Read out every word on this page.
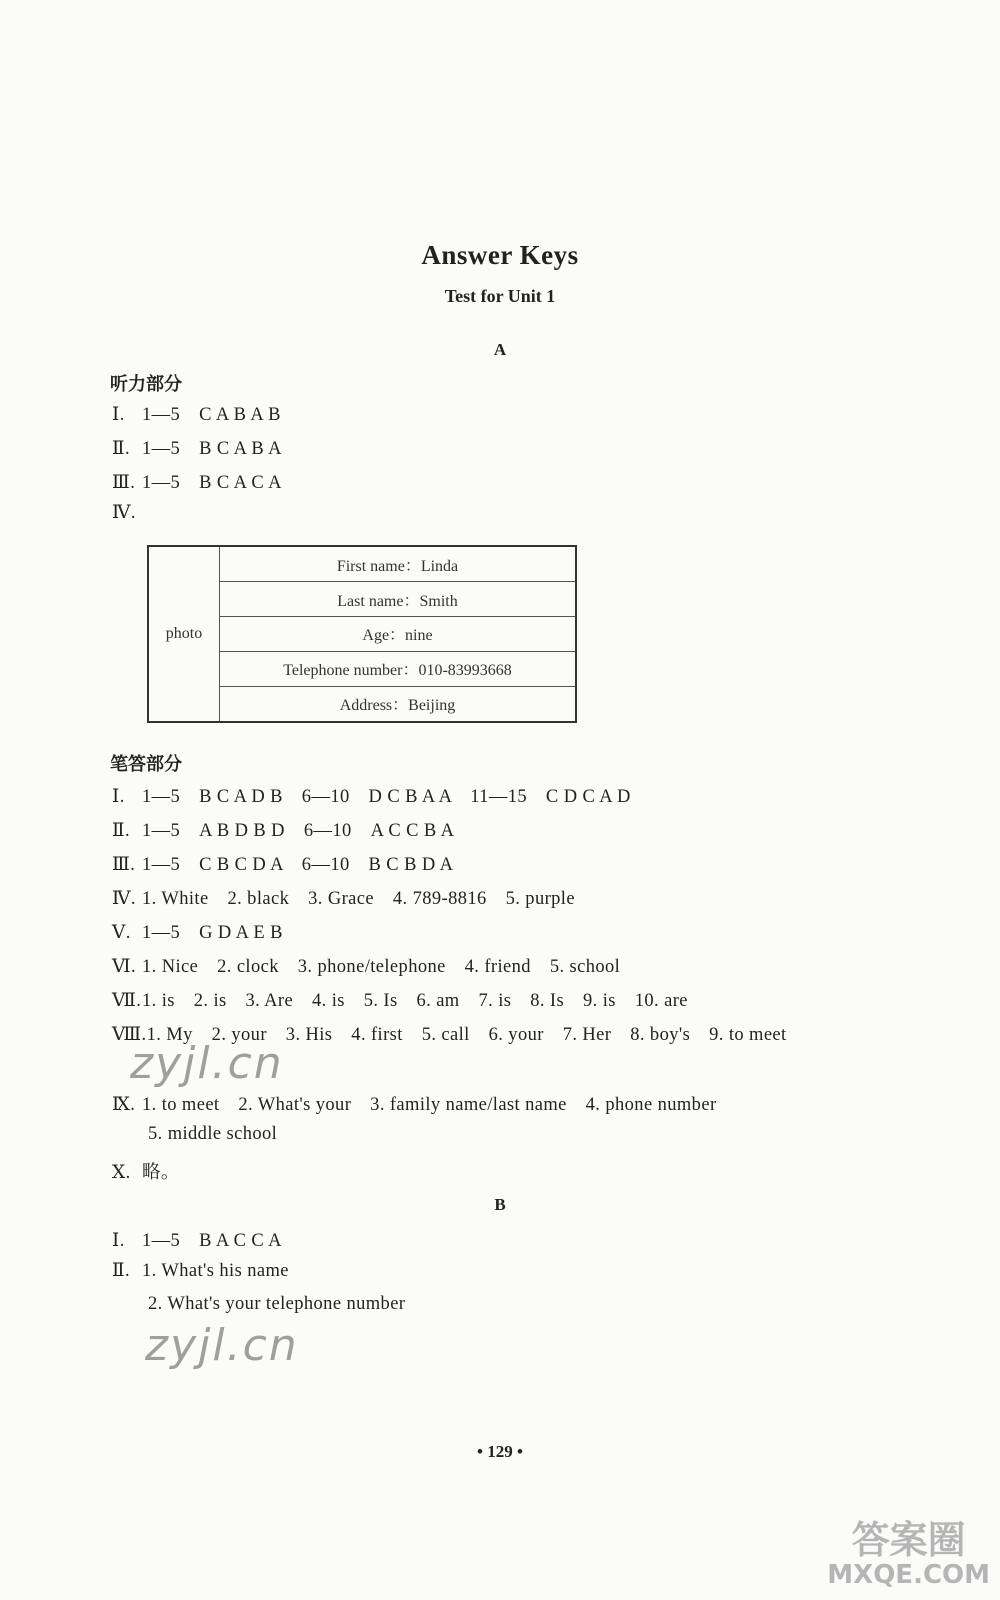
Answer Keys
Test for Unit 1
A
听力部分
Ⅰ. 1—5　C A B A B
Ⅱ. 1—5　B C A B A
Ⅲ. 1—5　B C A C A
Ⅳ.
photo	First name：Linda
Last name：Smith
Age：nine
Telephone number：010-83993668
Address：Beijing
笔答部分
Ⅰ. 1—5　B C A D B　6—10　D C B A A　11—15　C D C A D
Ⅱ. 1—5　A B D B D　6—10　A C C B A
Ⅲ. 1—5　C B C D A　6—10　B C B D A
Ⅳ. 1. White　2. black　3. Grace　4. 789-8816　5. purple
Ⅴ. 1—5　G D A E B
Ⅵ. 1. Nice　2. clock　3. phone/telephone　4. friend　5. school
Ⅶ.1. is　2. is　3. Are　4. is　5. Is　6. am　7. is　8. Is　9. is　10. are
Ⅷ.1. My　2. your　3. His　4. first　5. call　6. your　7. Her　8. boy's　9. to meet
Ⅸ. 1. to meet　2. What's your　3. family name/last name　4. phone number
5. middle school
Ⅹ. 略。
B
Ⅰ. 1—5　B A C C A
Ⅱ. 1. What's his name
2. What's your telephone number
• 129 •
zyjl.cn
zyjl.cn
答案圈
MXQE.COM
